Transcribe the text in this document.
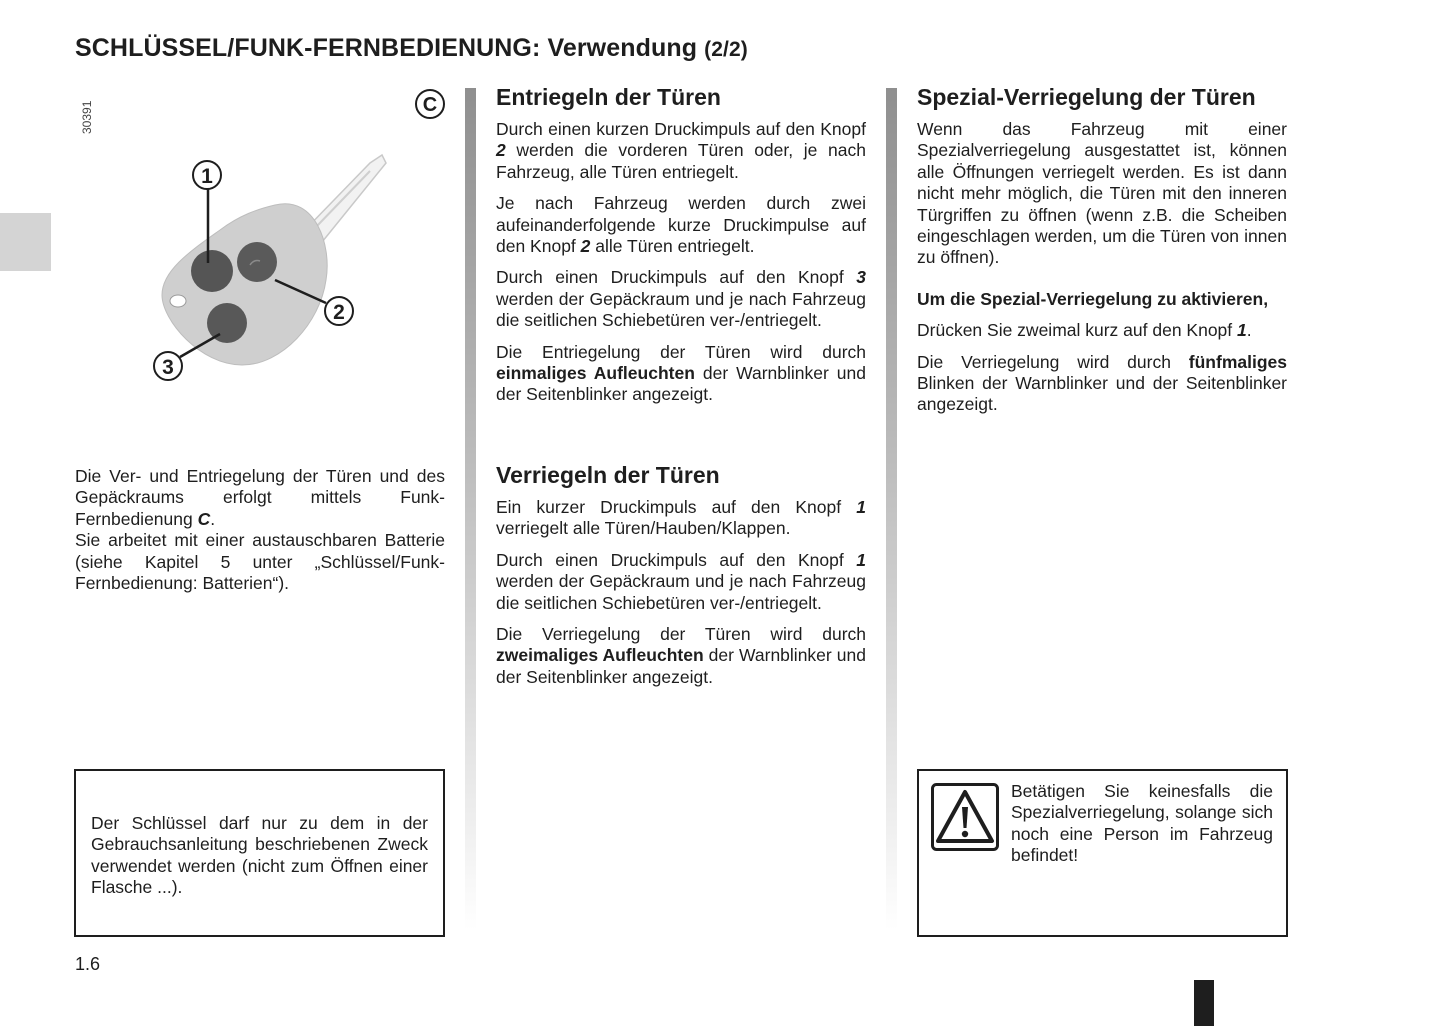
SCHLÜSSEL/FUNK-FERNBEDIENUNG: Verwendung (2/2)
30391	C
1
2
3

Die Ver- und Entriegelung der Türen und des Gepäckraums erfolgt mittels Funk-Fernbedienung C.

Sie arbeitet mit einer austauschbaren Batterie (siehe Kapitel 5 unter „Schlüssel/Funk-Fernbedienung: Batterien“).

Der Schlüssel darf nur zu dem in der Gebrauchsanleitung beschriebenen Zweck verwendet werden (nicht zum Öffnen einer Flasche ...).

Entriegeln der Türen

Durch einen kurzen Druckimpuls auf den Knopf 2 werden die vorderen Türen oder, je nach Fahrzeug, alle Türen entriegelt.

Je nach Fahrzeug werden durch zwei aufeinanderfolgende kurze Druckimpulse auf den Knopf 2 alle Türen entriegelt.

Durch einen Druckimpuls auf den Knopf 3 werden der Gepäckraum und je nach Fahrzeug die seitlichen Schiebetüren ver-/entriegelt.

Die Entriegelung der Türen wird durch einmaliges Aufleuchten der Warnblinker und der Seitenblinker angezeigt.

Verriegeln der Türen

Ein kurzer Druckimpuls auf den Knopf 1 verriegelt alle Türen/Hauben/Klappen.

Durch einen Druckimpuls auf den Knopf 1 werden der Gepäckraum und je nach Fahrzeug die seitlichen Schiebetüren ver-/entriegelt.

Die Verriegelung der Türen wird durch zweimaliges Aufleuchten der Warnblinker und der Seitenblinker angezeigt.

Spezial-Verriegelung der Türen

Wenn das Fahrzeug mit einer Spezialverriegelung ausgestattet ist, können alle Öffnungen verriegelt werden. Es ist dann nicht mehr möglich, die Türen mit den inneren Türgriffen zu öffnen (wenn z.B. die Scheiben eingeschlagen werden, um die Türen von innen zu öffnen).

Um die Spezial-Verriegelung zu aktivieren,

Drücken Sie zweimal kurz auf den Knopf 1.

Die Verriegelung wird durch fünfmaliges Blinken der Warnblinker und der Seitenblinker angezeigt.

Betätigen Sie keinesfalls die Spezialverriegelung, solange sich noch eine Person im Fahrzeug befindet!

1.6
